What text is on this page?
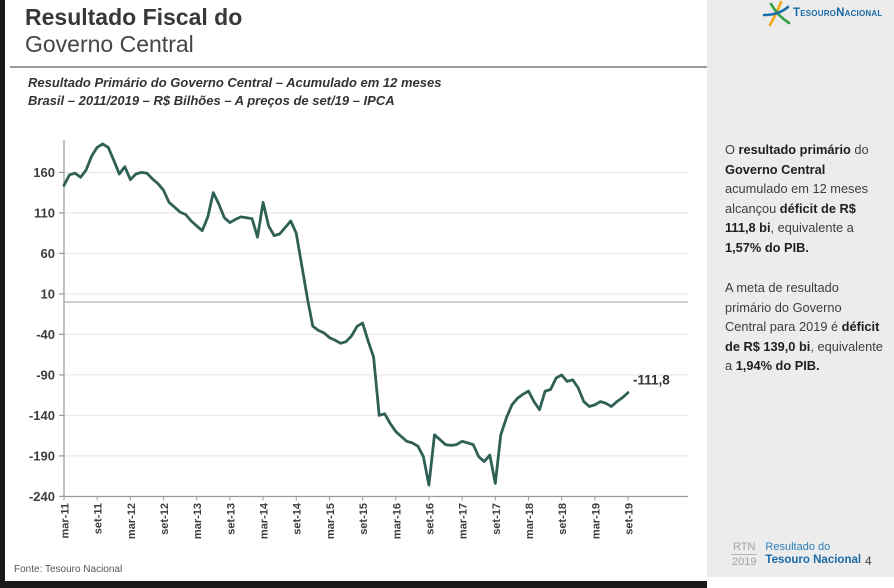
Resultado Fiscal do
Governo Central
Resultado Primário do Governo Central – Acumulado em 12 meses
Brasil – 2011/2019 – R$ Bilhões – A preços de set/19 – IPCA
160
110
60
10
-40
-90
-140
-190
-240
mar-11 set-11 mar-12 set-12 mar-13 set-13 mar-14 set-14 mar-15 set-15 mar-16 set-16 mar-17 set-17 mar-18 set-18 mar-19 set-19
-111,8
Fonte: Tesouro Nacional
TesouroNacional

O resultado primário do Governo Central acumulado em 12 meses alcançou déficit de R$ 111,8 bi, equivalente a 1,57% do PIB.

A meta de resultado primário do Governo Central para 2019 é déficit de R$ 139,0 bi, equivalente a 1,94% do PIB.

RTN
2019
Resultado do
Tesouro Nacional 4
